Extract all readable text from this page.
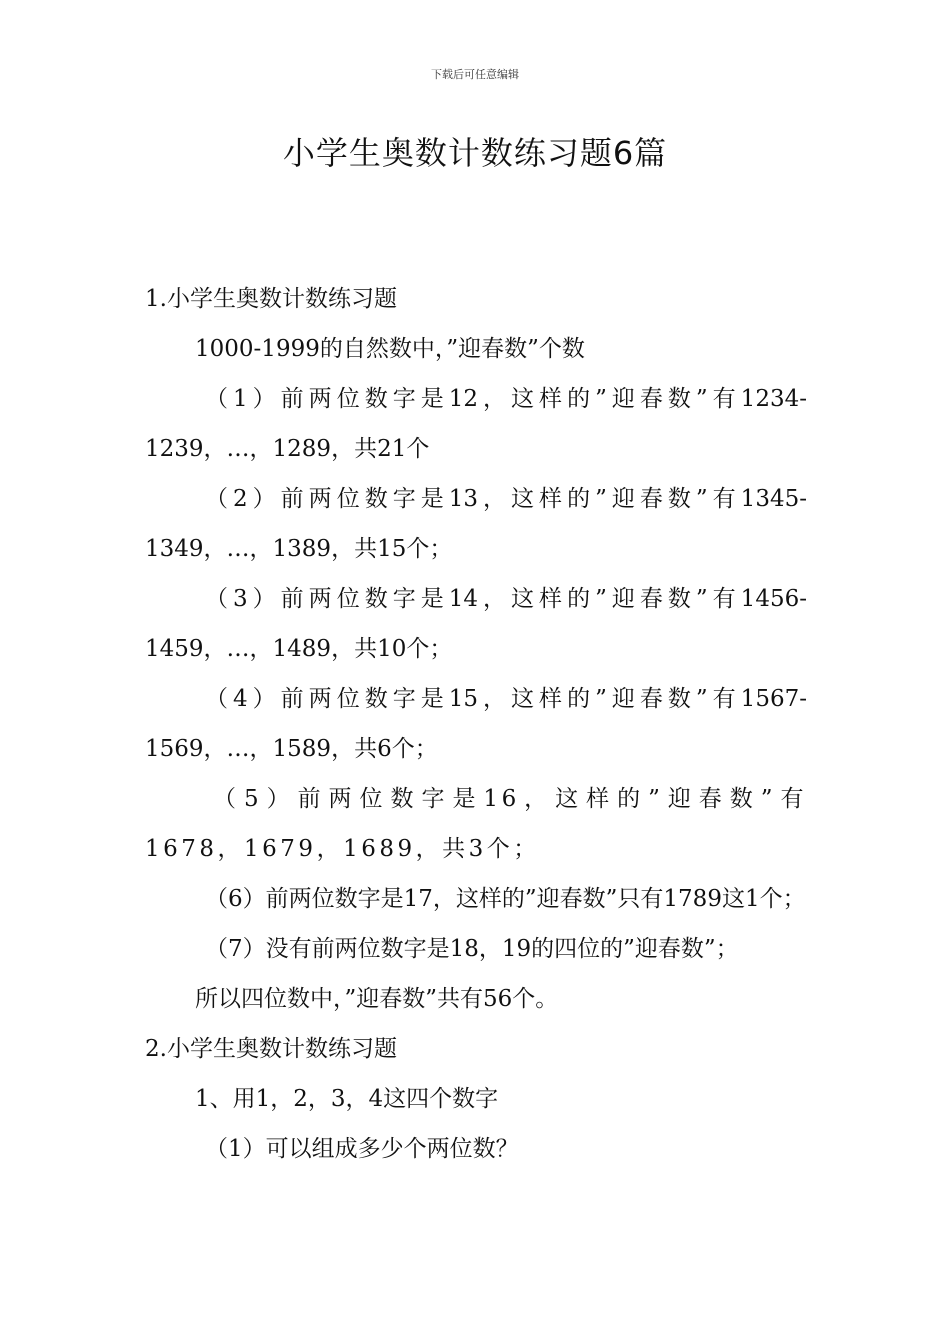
下载后可任意编辑
小学生奥数计数练习题6篇

1.小学生奥数计数练习题

1000-1999的自然数中，”迎春数”个数

（1）前两位数字是12，这样的”迎春数”有1234-1239，…，1289，共21个

（2）前两位数字是13，这样的”迎春数”有1345-1349，…，1389，共15个；

（3）前两位数字是14，这样的”迎春数”有1456-1459，…，1489，共10个；

（4）前两位数字是15，这样的”迎春数”有1567-1569，…，1589，共6个；

（5）前两位数字是16，这样的”迎春数”有1678，1679，1689，共3个；

（6）前两位数字是17，这样的”迎春数”只有1789这1个；

（7）没有前两位数字是18，19的四位的”迎春数”；

所以四位数中，”迎春数”共有56个。

2.小学生奥数计数练习题

1、用1，2，3，4这四个数字

（1）可以组成多少个两位数？
